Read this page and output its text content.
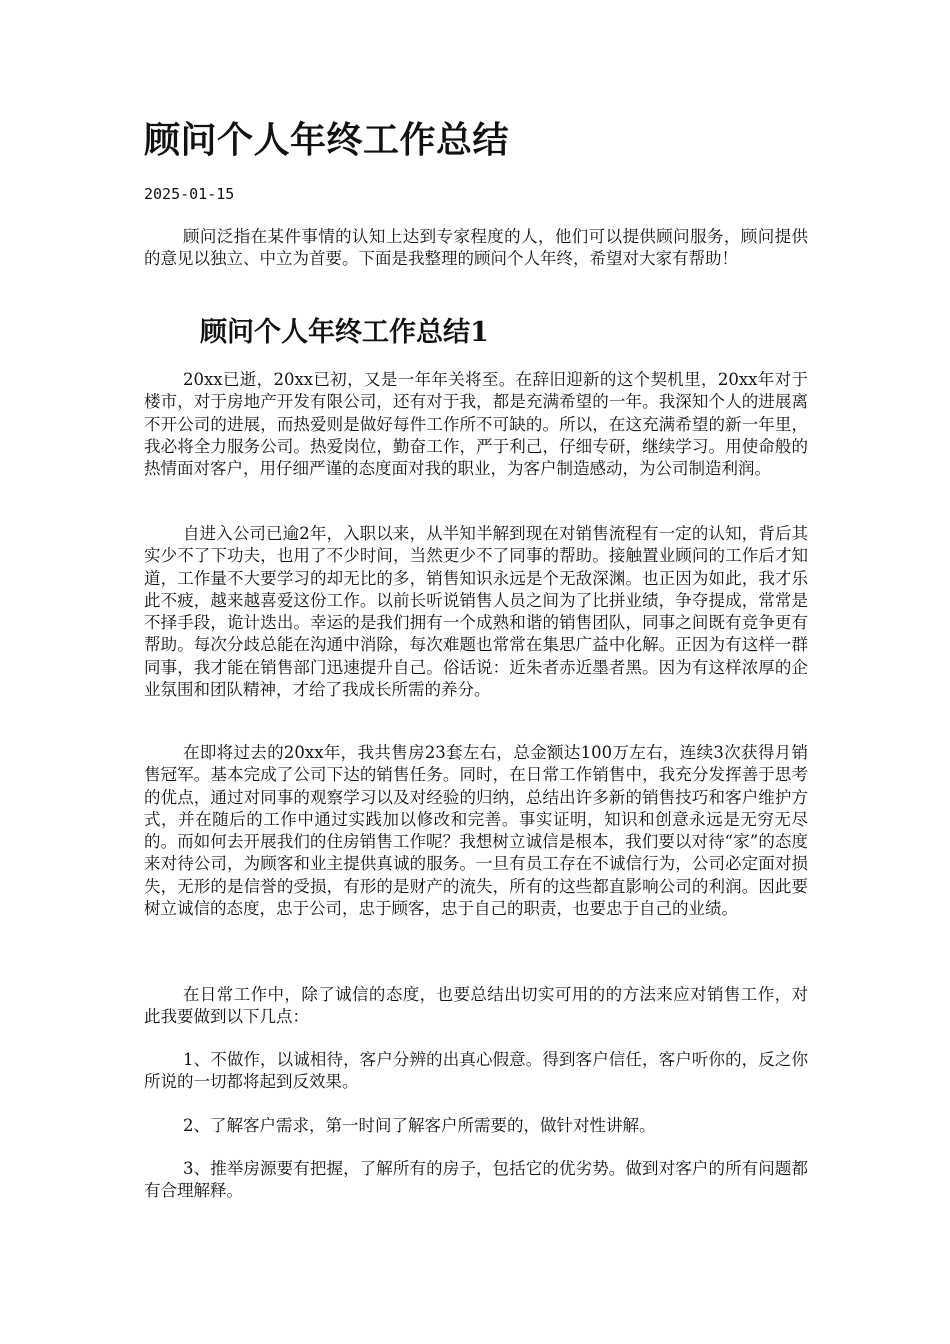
顾问个人年终工作总结

2025-01-15

顾问泛指在某件事情的认知上达到专家程度的人，他们可以提供顾问服务，顾问提供的意见以独立、中立为首要。下面是我整理的顾问个人年终，希望对大家有帮助！

顾问个人年终工作总结1

20xx已逝，20xx已初，又是一年年关将至。在辞旧迎新的这个契机里，20xx年对于楼市，对于房地产开发有限公司，还有对于我，都是充满希望的一年。我深知个人的进展离不开公司的进展，而热爱则是做好每件工作所不可缺的。所以，在这充满希望的新一年里，我必将全力服务公司。热爱岗位，勤奋工作，严于利己，仔细专研，继续学习。用使命般的热情面对客户，用仔细严谨的态度面对我的职业，为客户制造感动，为公司制造利润。

自进入公司已逾2年，入职以来，从半知半解到现在对销售流程有一定的认知，背后其实少不了下功夫，也用了不少时间，当然更少不了同事的帮助。接触置业顾问的工作后才知道，工作量不大要学习的却无比的多，销售知识永远是个无敌深渊。也正因为如此，我才乐此不疲，越来越喜爱这份工作。以前长听说销售人员之间为了比拼业绩，争夺提成，常常是不择手段，诡计迭出。幸运的是我们拥有一个成熟和谐的销售团队，同事之间既有竞争更有帮助。每次分歧总能在沟通中消除，每次难题也常常在集思广益中化解。正因为有这样一群同事，我才能在销售部门迅速提升自己。俗话说：近朱者赤近墨者黑。因为有这样浓厚的企业氛围和团队精神，才给了我成长所需的养分。

在即将过去的20xx年，我共售房23套左右，总金额达100万左右，连续3次获得月销售冠军。基本完成了公司下达的销售任务。同时，在日常工作销售中，我充分发挥善于思考的优点，通过对同事的观察学习以及对经验的归纳，总结出许多新的销售技巧和客户维护方式，并在随后的工作中通过实践加以修改和完善。事实证明，知识和创意永远是无穷无尽的。而如何去开展我们的住房销售工作呢？我想树立诚信是根本，我们要以对待“家”的态度来对待公司，为顾客和业主提供真诚的服务。一旦有员工存在不诚信行为，公司必定面对损失，无形的是信誉的受损，有形的是财产的流失，所有的这些都直影响公司的利润。因此要树立诚信的态度，忠于公司，忠于顾客，忠于自己的职责，也要忠于自己的业绩。

在日常工作中，除了诚信的态度，也要总结出切实可用的的方法来应对销售工作，对此我要做到以下几点：

1、不做作，以诚相待，客户分辨的出真心假意。得到客户信任，客户听你的，反之你所说的一切都将起到反效果。

2、了解客户需求，第一时间了解客户所需要的，做针对性讲解。

3、推举房源要有把握，了解所有的房子，包括它的优劣势。做到对客户的所有问题都有合理解释。
